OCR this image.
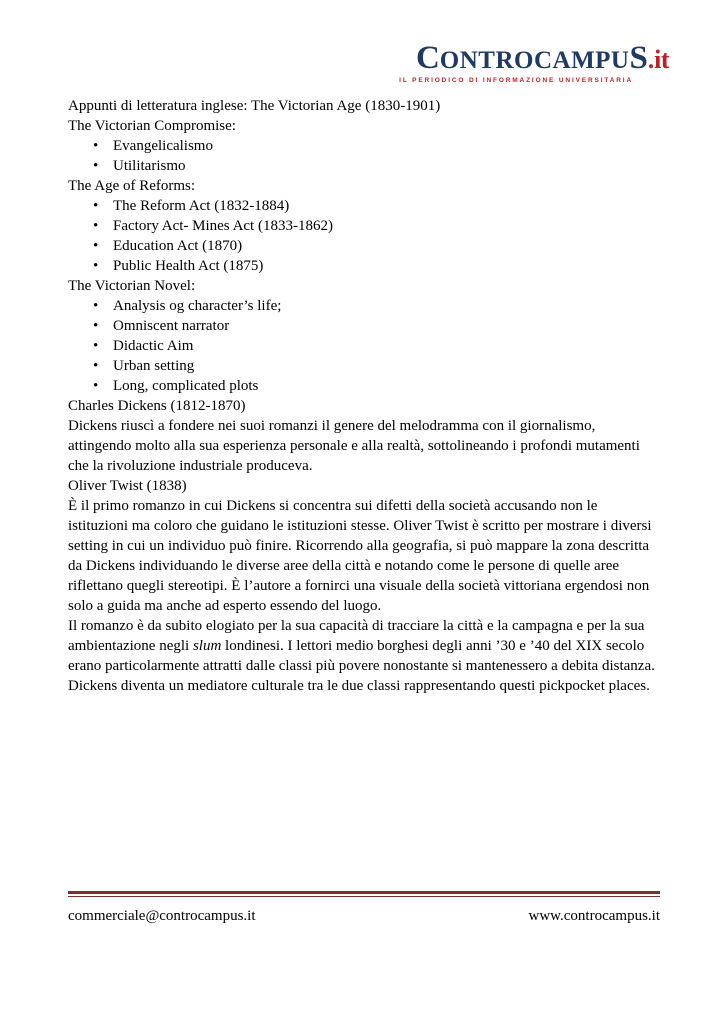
C ONTROCAMPU S . it
IL PERIODICO DI INFORMAZIONE UNIVERSITARIA

Appunti di letteratura inglese: The Victorian Age (1830-1901)

The Victorian Compromise:

• Evangelicalismo
• Utilitarismo

The Age of Reforms:

• The Reform Act (1832-1884)
• Factory Act- Mines Act (1833-1862)
• Education Act (1870)
• Public Health Act (1875)

The Victorian Novel:

• Analysis og character’s life;
• Omniscent narrator
• Didactic Aim
• Urban setting
• Long, complicated plots

Charles Dickens (1812-1870)

Dickens riuscì a fondere nei suoi romanzi il genere del melodramma con il giornalismo, attingendo molto alla sua esperienza personale e alla realtà, sottolineando i profondi mutamenti che la rivoluzione industriale produceva.

Oliver Twist (1838)

È il primo romanzo in cui Dickens si concentra sui difetti della società accusando non le istituzioni ma coloro che guidano le istituzioni stesse. Oliver Twist è scritto per mostrare i diversi setting in cui un individuo può finire. Ricorrendo alla geografia, si può mappare la zona descritta da Dickens individuando le diverse aree della città e notando come le persone di quelle aree riflettano quegli stereotipi. È l’autore a fornirci una visuale della società vittoriana ergendosi non solo a guida ma anche ad esperto essendo del luogo.

Il romanzo è da subito elogiato per la sua capacità di tracciare la città e la campagna e per la sua ambientazione negli slum londinesi. I lettori medio borghesi degli anni ’30 e ’40 del XIX secolo erano particolarmente attratti dalle classi più povere nonostante si mantenessero a debita distanza. Dickens diventa un mediatore culturale tra le due classi rappresentando questi pickpocket places.

commerciale@controcampus.it	www.controcampus.it
